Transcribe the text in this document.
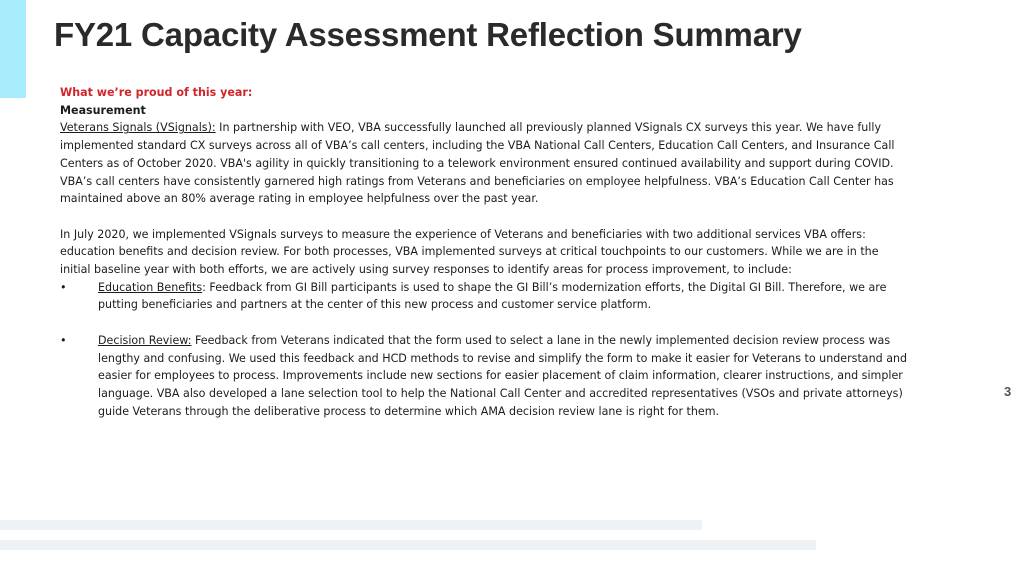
FY21 Capacity Assessment Reflection Summary

What we’re proud of this year:

Measurement

Veterans Signals (VSignals): In partnership with VEO, VBA successfully launched all previously planned VSignals CX surveys this year. We have fully implemented standard CX surveys across all of VBA’s call centers, including the VBA National Call Centers, Education Call Centers, and Insurance Call Centers as of October 2020. VBA's agility in quickly transitioning to a telework environment ensured continued availability and support during COVID. VBA’s call centers have consistently garnered high ratings from Veterans and beneficiaries on employee helpfulness. VBA’s Education Call Center has maintained above an 80% average rating in employee helpfulness over the past year.

In July 2020, we implemented VSignals surveys to measure the experience of Veterans and beneficiaries with two additional services VBA offers: education benefits and decision review. For both processes, VBA implemented surveys at critical touchpoints to our customers. While we are in the initial baseline year with both efforts, we are actively using survey responses to identify areas for process improvement, to include:

•	Education Benefits: Feedback from GI Bill participants is used to shape the GI Bill’s modernization efforts, the Digital GI Bill. Therefore, we are putting beneficiaries and partners at the center of this new process and customer service platform.
•	Decision Review: Feedback from Veterans indicated that the form used to select a lane in the newly implemented decision review process was lengthy and confusing. We used this feedback and HCD methods to revise and simplify the form to make it easier for Veterans to understand and easier for employees to process. Improvements include new sections for easier placement of claim information, clearer instructions, and simpler language. VBA also developed a lane selection tool to help the National Call Center and accredited representatives (VSOs and private attorneys) guide Veterans through the deliberative process to determine which AMA decision review lane is right for them.
3
